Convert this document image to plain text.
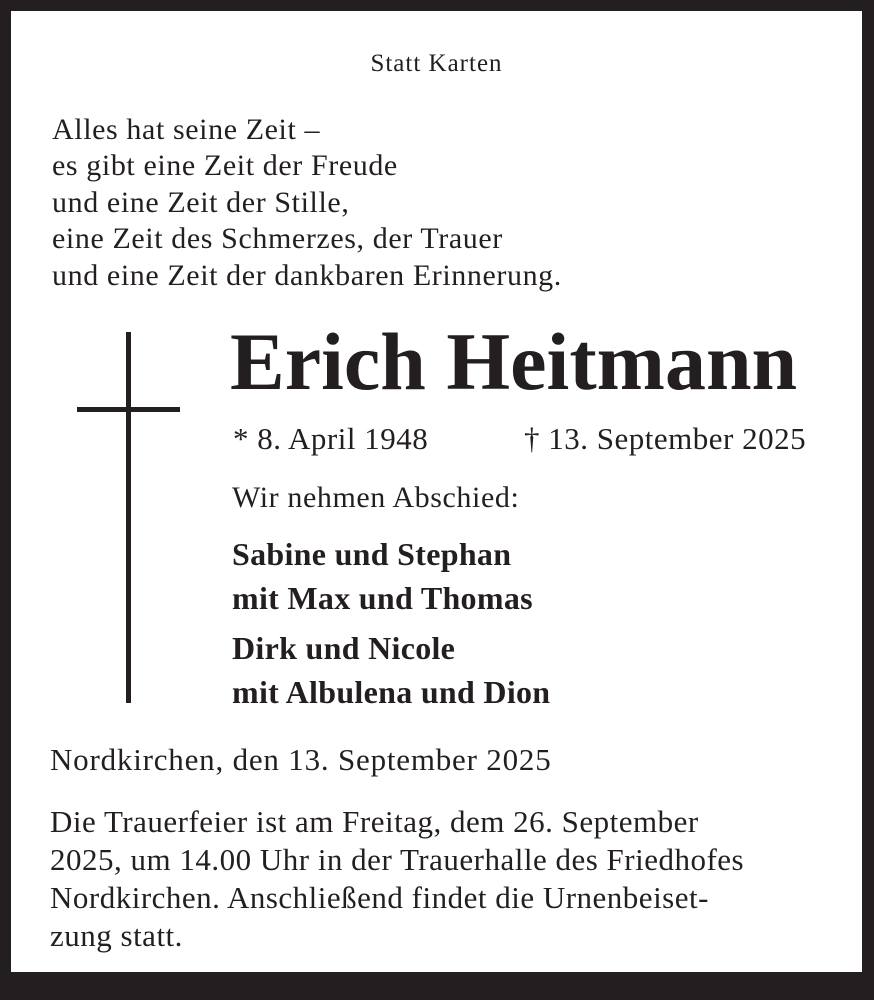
Statt Karten
Alles hat seine Zeit –
es gibt eine Zeit der Freude
und eine Zeit der Stille,
eine Zeit des Schmerzes, der Trauer
und eine Zeit der dankbaren Erinnerung.
Erich Heitmann
* 8. April 1948	† 13. September 2025
Wir nehmen Abschied:
Sabine und Stephan
mit Max und Thomas
Dirk und Nicole
mit Albulena und Dion
Nordkirchen, den 13. September 2025
Die Trauerfeier ist am Freitag, dem 26. September
2025, um 14.00 Uhr in der Trauerhalle des Friedhofes
Nordkirchen. Anschließend findet die Urnenbeiset-
zung statt.
